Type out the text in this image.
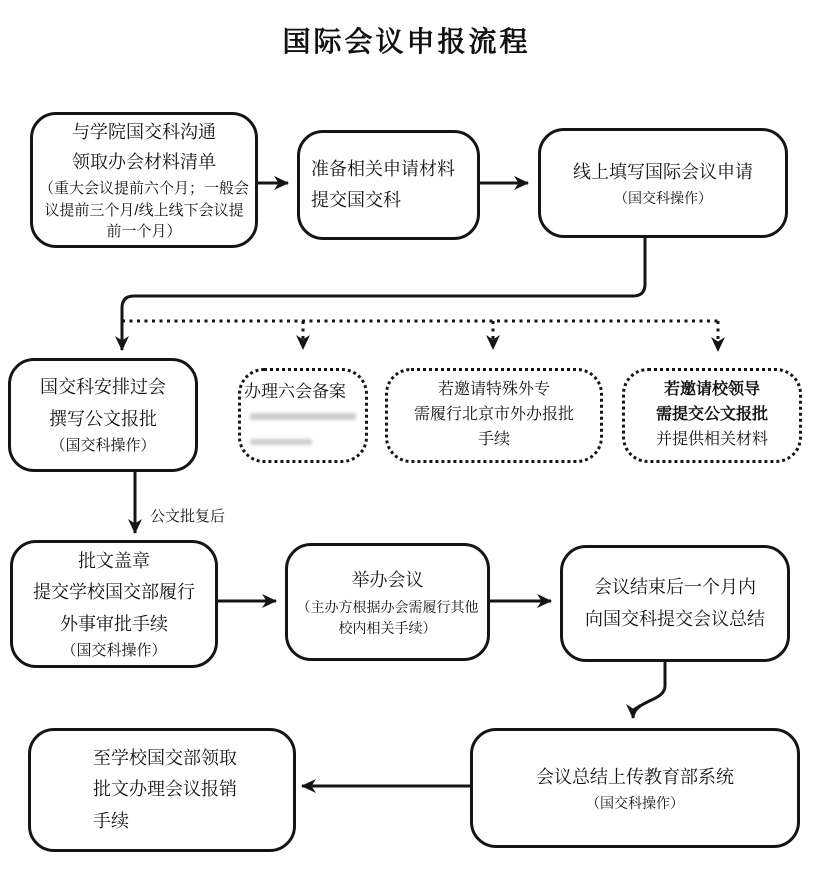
国际会议申报流程
与学院国交科沟通
领取办会材料清单
（重大会议提前六个月；一般会议提前三个月/线上线下会议提前一个月）
准备相关申请材料
提交国交科
线上填写国际会议申请
（国交科操作）
国交科安排过会
撰写公文报批
（国交科操作）
办理六会备案	若邀请特殊外专
需履行北京市外办报批
手续
若邀请校领导
需提交公文报批
并提供相关材料
公文批复后
批文盖章
提交学校国交部履行
外事审批手续
（国交科操作）
举办会议
（主办方根据办会需履行其他校内相关手续）
会议结束后一个月内
向国交科提交会议总结
会议总结上传教育部系统
（国交科操作）
至学校国交部领取
批文办理会议报销
手续
